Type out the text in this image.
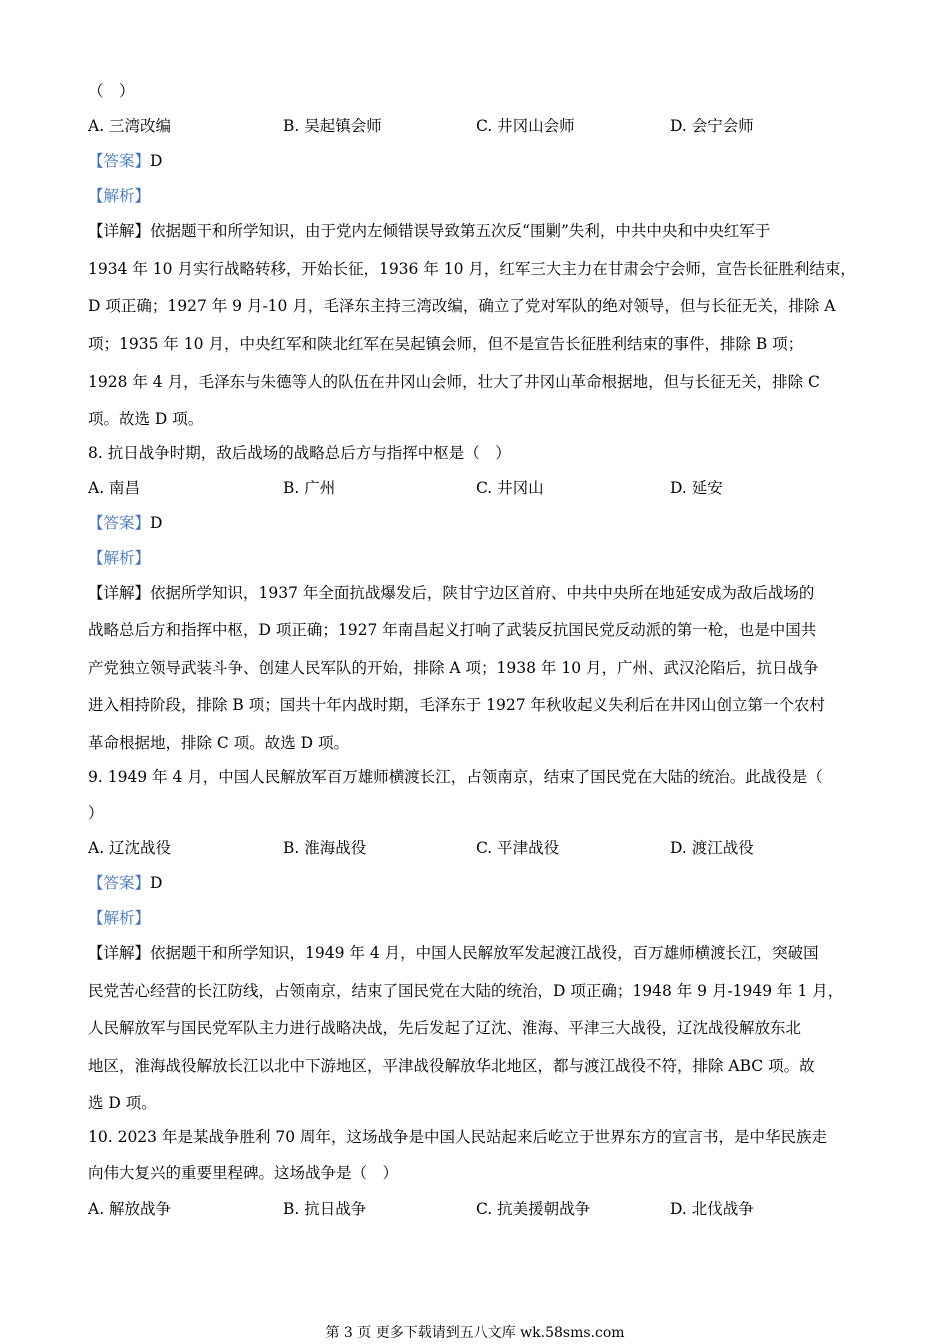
（　）
A. 三湾改编	B. 吴起镇会师	C. 井冈山会师	D. 会宁会师
【答案】D
【解析】
【详解】依据题干和所学知识，由于党内左倾错误导致第五次反“围剿”失利，中共中央和中央红军于
1934 年 10 月实行战略转移，开始长征，1936 年 10 月，红军三大主力在甘肃会宁会师，宣告长征胜利结束，
D 项正确；1927 年 9 月-10 月，毛泽东主持三湾改编，确立了党对军队的绝对领导，但与长征无关，排除 A
项；1935 年 10 月，中央红军和陕北红军在吴起镇会师，但不是宣告长征胜利结束的事件，排除 B 项；
1928 年 4 月，毛泽东与朱德等人的队伍在井冈山会师，壮大了井冈山革命根据地，但与长征无关，排除 C
项。故选 D 项。
8. 抗日战争时期，敌后战场的战略总后方与指挥中枢是（　）
A. 南昌	B. 广州	C. 井冈山	D. 延安
【答案】D
【解析】
【详解】依据所学知识，1937 年全面抗战爆发后，陕甘宁边区首府、中共中央所在地延安成为敌后战场的
战略总后方和指挥中枢，D 项正确；1927 年南昌起义打响了武装反抗国民党反动派的第一枪，也是中国共
产党独立领导武装斗争、创建人民军队的开始，排除 A 项；1938 年 10 月，广州、武汉沦陷后，抗日战争
进入相持阶段，排除 B 项；国共十年内战时期，毛泽东于 1927 年秋收起义失利后在井冈山创立第一个农村
革命根据地，排除 C 项。故选 D 项。
9. 1949 年 4 月，中国人民解放军百万雄师横渡长江，占领南京，结束了国民党在大陆的统治。此战役是（
）
A. 辽沈战役	B. 淮海战役	C. 平津战役	D. 渡江战役
【答案】D
【解析】
【详解】依据题干和所学知识，1949 年 4 月，中国人民解放军发起渡江战役，百万雄师横渡长江，突破国
民党苦心经营的长江防线，占领南京，结束了国民党在大陆的统治，D 项正确；1948 年 9 月-1949 年 1 月，
人民解放军与国民党军队主力进行战略决战，先后发起了辽沈、淮海、平津三大战役，辽沈战役解放东北
地区，淮海战役解放长江以北中下游地区，平津战役解放华北地区，都与渡江战役不符，排除 ABC 项。故
选 D 项。
10. 2023 年是某战争胜利 70 周年，这场战争是中国人民站起来后屹立于世界东方的宣言书，是中华民族走
向伟大复兴的重要里程碑。这场战争是（　）
A. 解放战争	B. 抗日战争	C. 抗美援朝战争	D. 北伐战争
第 3 页 更多下载请到五八文库 wk.58sms.com
